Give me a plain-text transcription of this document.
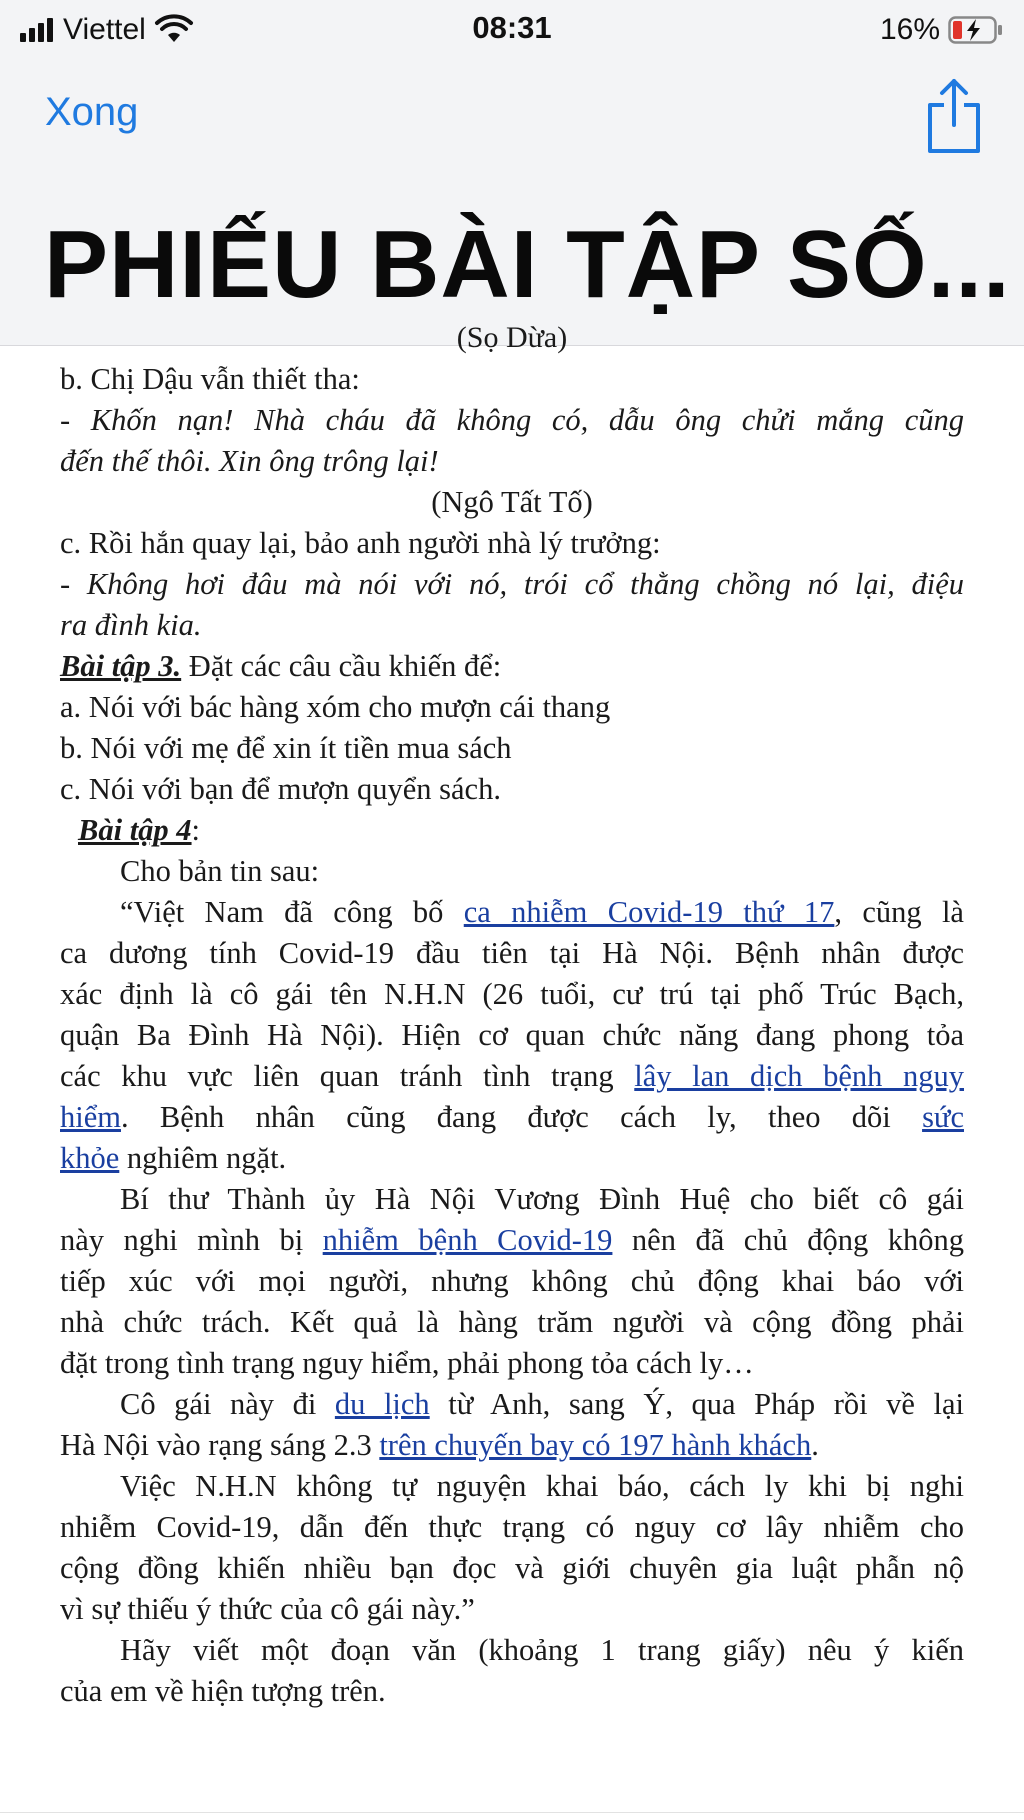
Viettel	08:31	16%
Xong
PHIẾU BÀI TẬP SỐ...
(Sọ Dừa)
b. Chị Dậu vẫn thiết tha:
- Khốn nạn! Nhà cháu đã không có, dẫu ông chửi mắng cũng
đến thế thôi. Xin ông trông lại!
(Ngô Tất Tố)
c. Rồi hắn quay lại, bảo anh người nhà lý trưởng:
- Không hơi đâu mà nói với nó, trói cổ thằng chồng nó lại, điệu
ra đình kia.
Bài tập 3. Đặt các câu cầu khiến để:
a. Nói với bác hàng xóm cho mượn cái thang
b. Nói với mẹ để xin ít tiền mua sách
c. Nói với bạn để mượn quyển sách.
Bài tập 4:
Cho bản tin sau:
“Việt Nam đã công bố ca nhiễm Covid-19 thứ 17, cũng là
ca dương tính Covid-19 đầu tiên tại Hà Nội. Bệnh nhân được
xác định là cô gái tên N.H.N (26 tuổi, cư trú tại phố Trúc Bạch,
quận Ba Đình Hà Nội). Hiện cơ quan chức năng đang phong tỏa
các khu vực liên quan tránh tình trạng lây lan dịch bệnh nguy
hiểm. Bệnh nhân cũng đang được cách ly, theo dõi sức
khỏe nghiêm ngặt.
Bí thư Thành ủy Hà Nội Vương Đình Huệ cho biết cô gái
này nghi mình bị nhiễm bệnh Covid-19 nên đã chủ động không
tiếp xúc với mọi người, nhưng không chủ động khai báo với
nhà chức trách. Kết quả là hàng trăm người và cộng đồng phải
đặt trong tình trạng nguy hiểm, phải phong tỏa cách ly…
Cô gái này đi du lịch từ Anh, sang Ý, qua Pháp rồi về lại
Hà Nội vào rạng sáng 2.3 trên chuyến bay có 197 hành khách.
Việc N.H.N không tự nguyện khai báo, cách ly khi bị nghi
nhiễm Covid-19, dẫn đến thực trạng có nguy cơ lây nhiễm cho
cộng đồng khiến nhiều bạn đọc và giới chuyên gia luật phẫn nộ
vì sự thiếu ý thức của cô gái này.”
Hãy viết một đoạn văn (khoảng 1 trang giấy) nêu ý kiến
của em về hiện tượng trên.
